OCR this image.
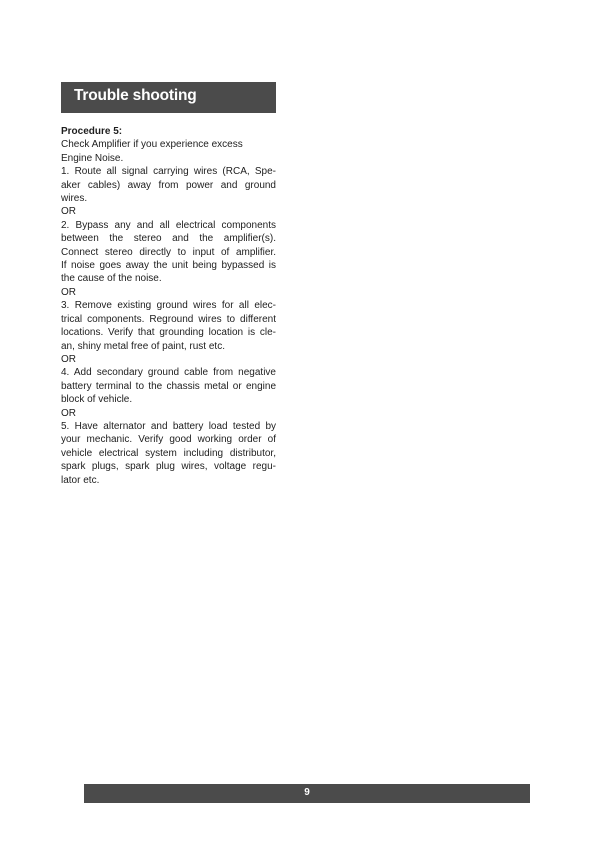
Trouble shooting
Procedure 5:
Check Amplifier if you experience excess
Engine Noise.
1. Route all signal carrying wires (RCA, Spe-
aker cables) away from power and ground
wires.
OR
2. Bypass any and all electrical components
between the stereo and the amplifier(s).
Connect stereo directly to input of amplifier.
If noise goes away the unit being bypassed is
the cause of the noise.
OR
3. Remove existing ground wires for all elec-
trical components. Reground wires to different
locations. Verify that grounding location is cle-
an, shiny metal free of paint, rust etc.
OR
4. Add secondary ground cable from negative
battery terminal to the chassis metal or engine
block of vehicle.
OR
5. Have alternator and battery load tested by
your mechanic. Verify good working order of
vehicle electrical system including distributor,
spark plugs, spark plug wires, voltage regu-
lator etc.
9
